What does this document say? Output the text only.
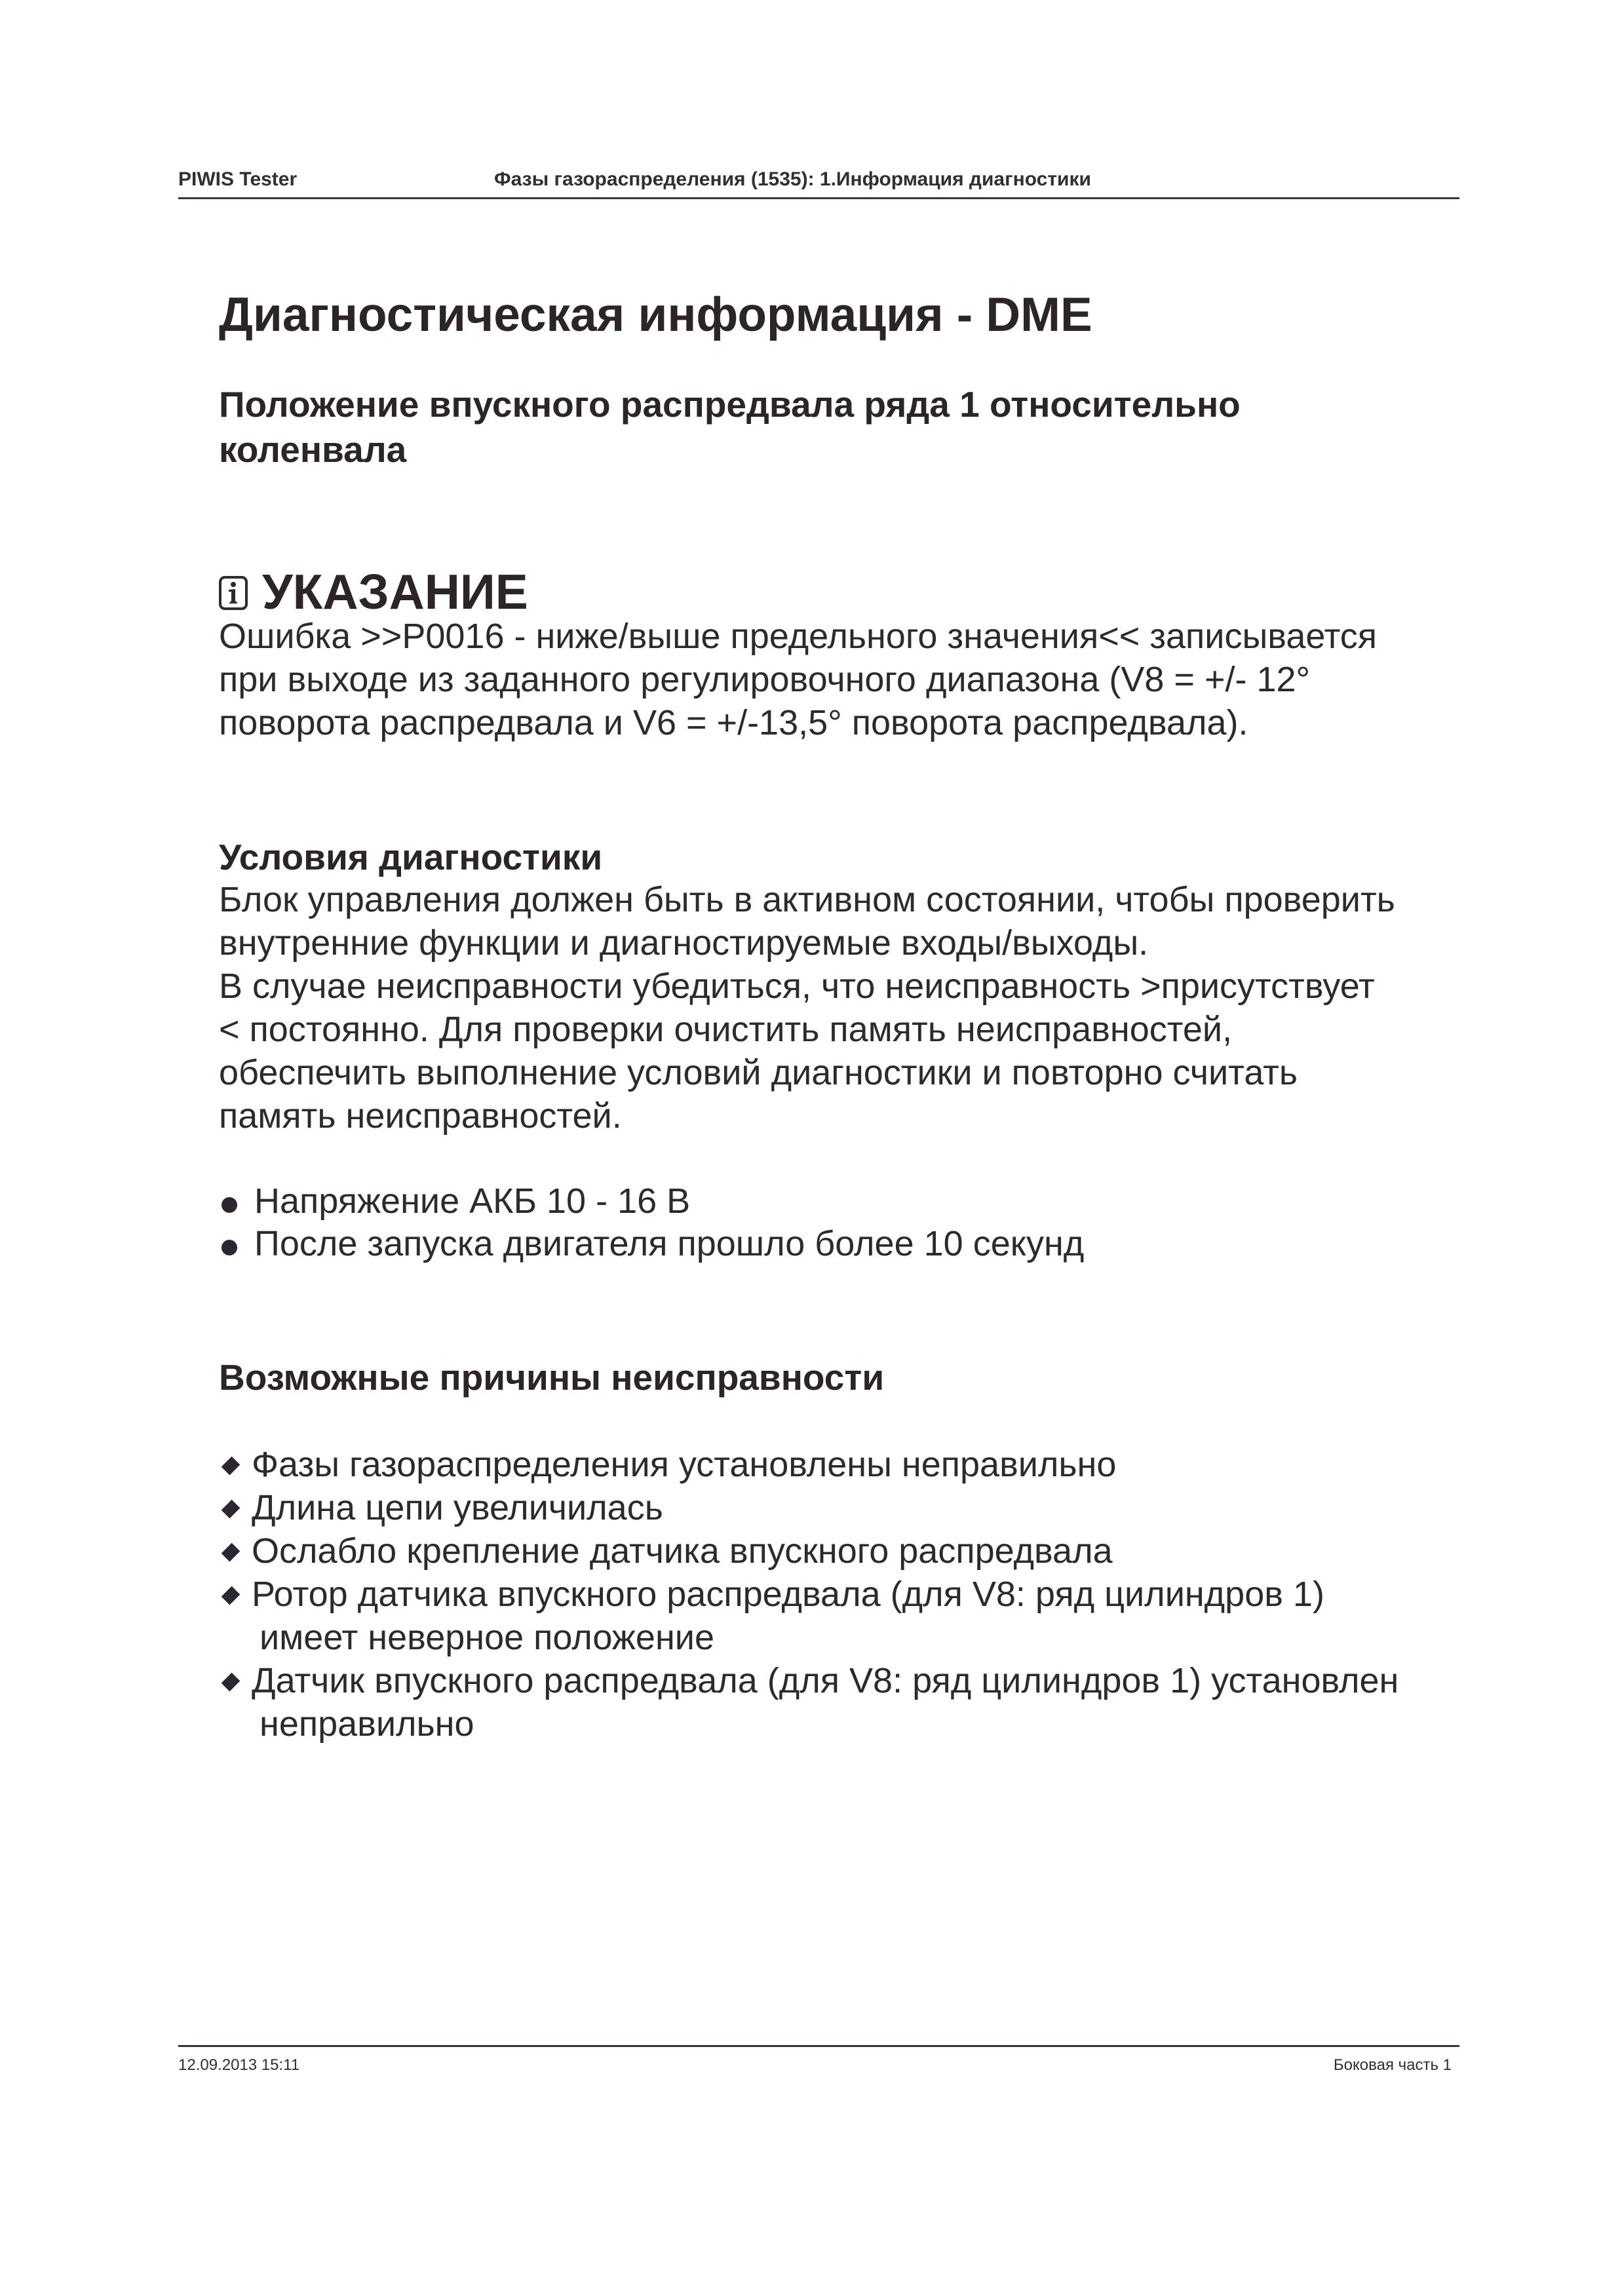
PIWIS Tester	Фазы газораспределения (1535): 1.Информация диагностики
Диагностическая информация - DME
Положение впускного распредвала ряда 1 относительно коленвала
УКАЗАНИЕ
Ошибка >>P0016 - ниже/выше предельного значения<< записывается
при выходе из заданного регулировочного диапазона (V8 = +/- 12°
поворота распредвала и V6 = +/-13,5° поворота распредвала).
Условия диагностики
Блок управления должен быть в активном состоянии, чтобы проверить
внутренние функции и диагностируемые входы/выходы.
В случае неисправности убедиться, что неисправность >присутствует
< постоянно. Для проверки очистить память неисправностей,
обеспечить выполнение условий диагностики и повторно считать
память неисправностей.
Напряжение АКБ 10 - 16 В
После запуска двигателя прошло более 10 секунд
Возможные причины неисправности
Фазы газораспределения установлены неправильно
Длина цепи увеличилась
Ослабло крепление датчика впускного распредвала
Ротор датчика впускного распредвала (для V8: ряд цилиндров 1)
имеет неверное положение
Датчик впускного распредвала (для V8: ряд цилиндров 1) установлен
неправильно
12.09.2013 15:11	Боковая часть 1
